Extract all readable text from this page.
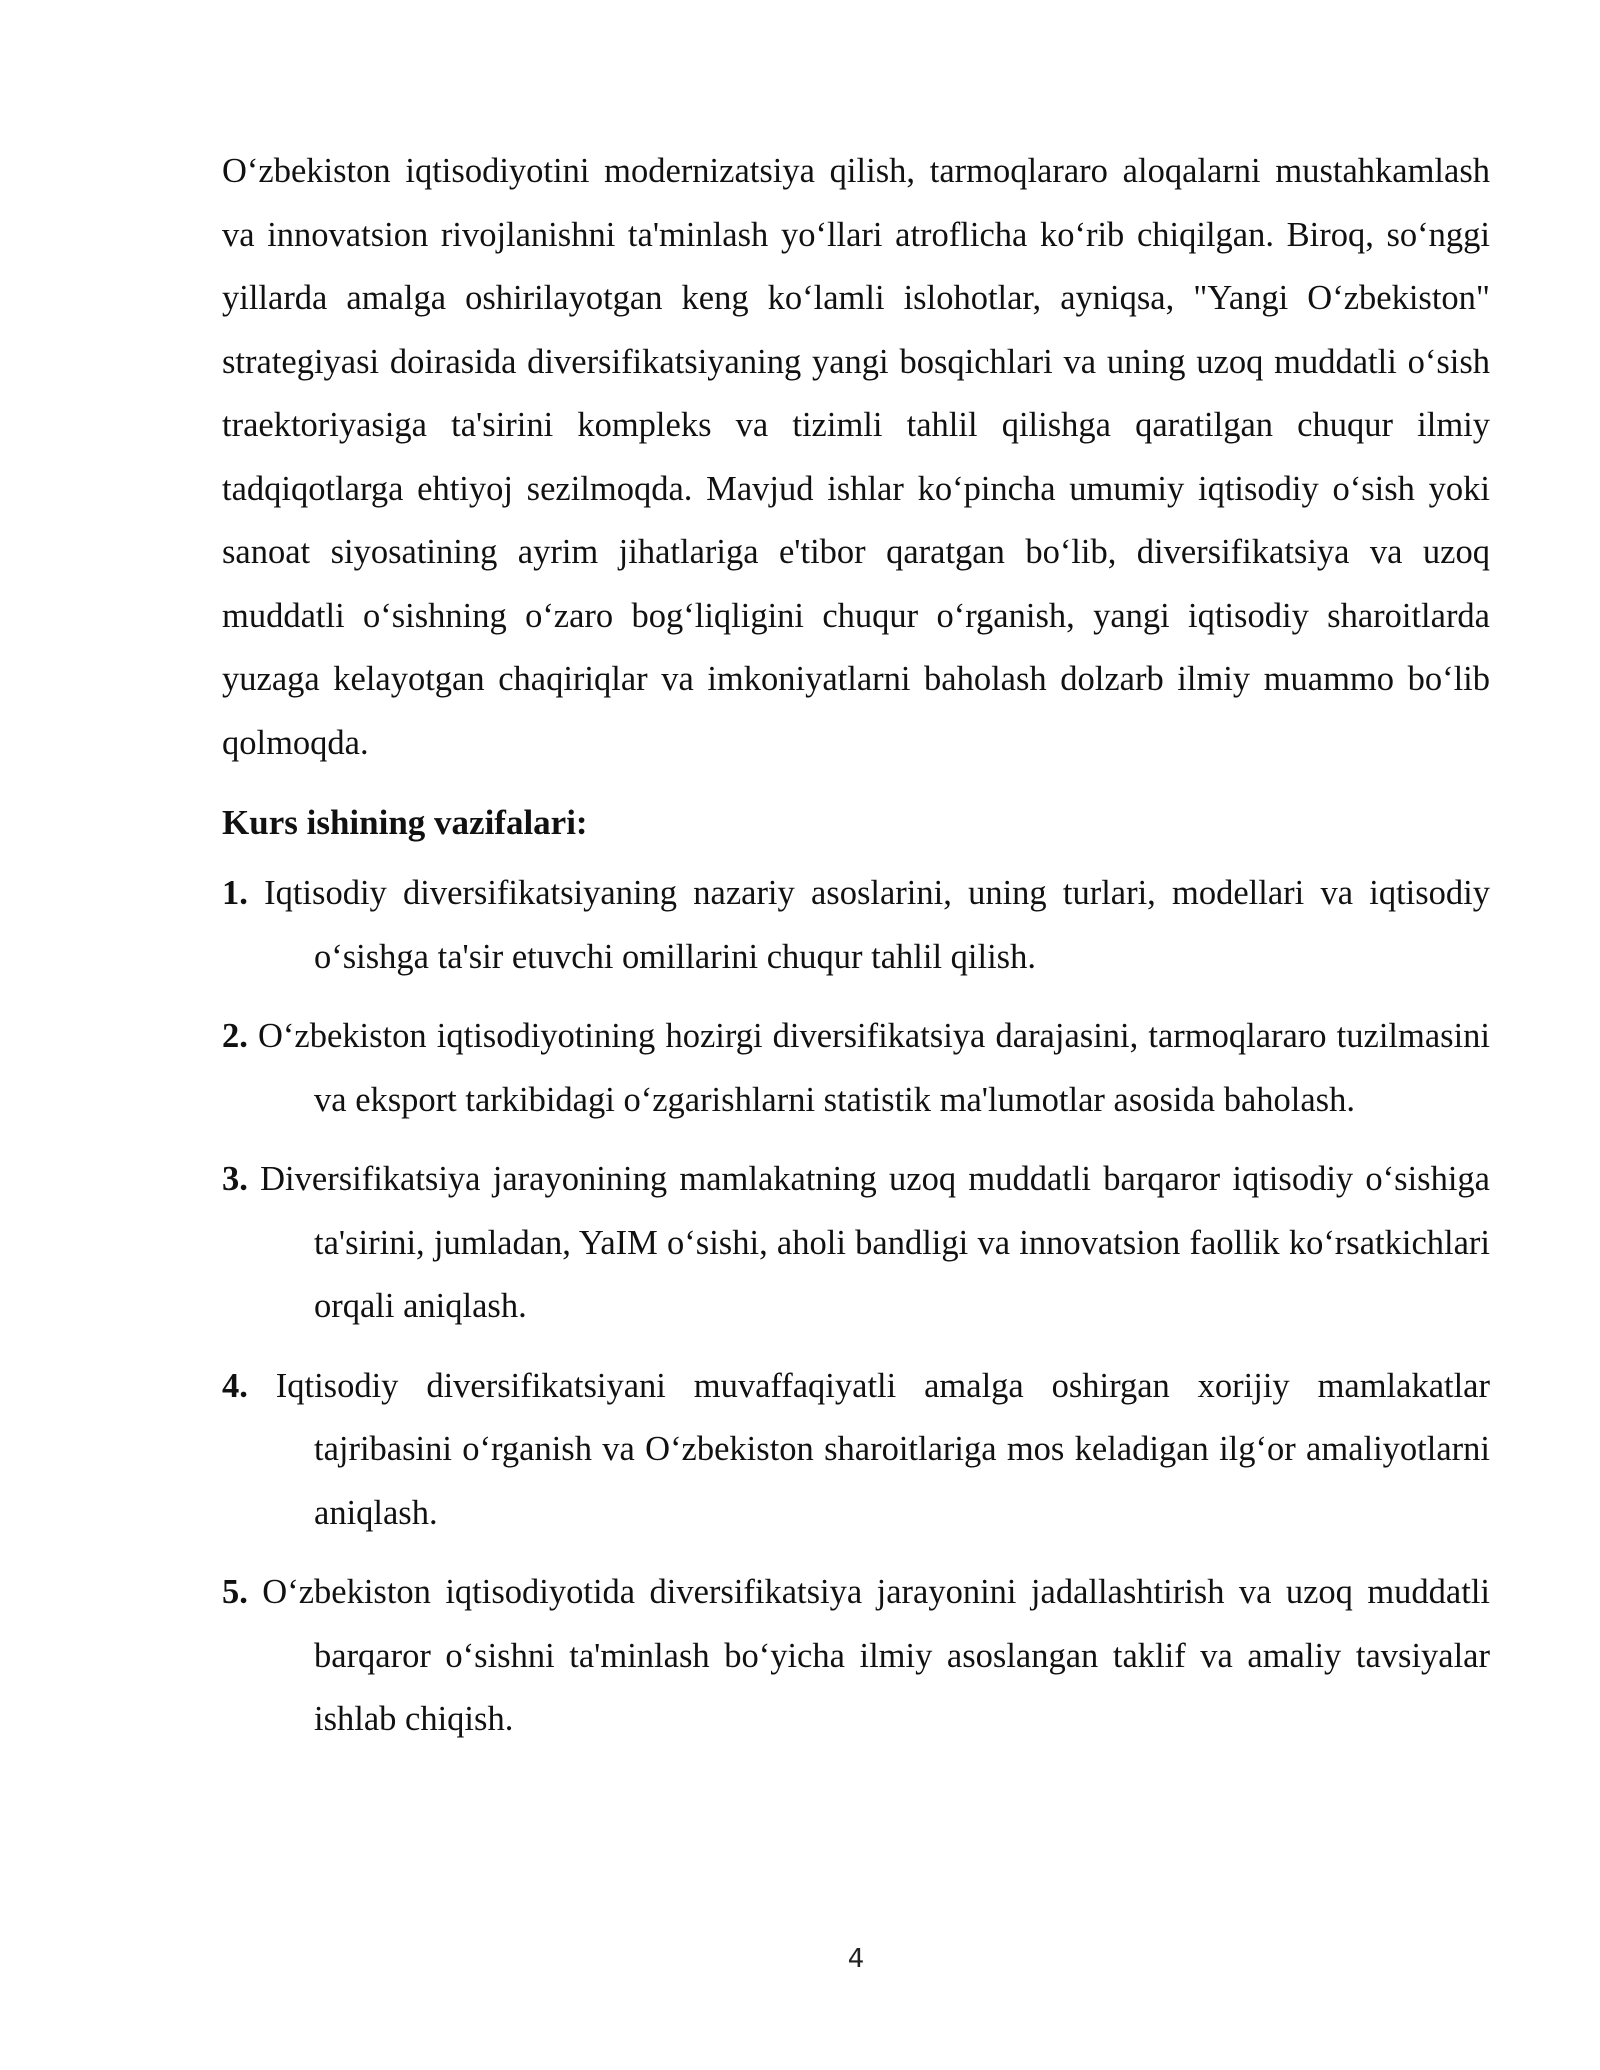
O‘zbekiston iqtisodiyotini modernizatsiya qilish, tarmoqlararo aloqalarni mustahkamlash va innovatsion rivojlanishni ta'minlash yo‘llari atroflicha ko‘rib chiqilgan. Biroq, so‘nggi yillarda amalga oshirilayotgan keng ko‘lamli islohotlar, ayniqsa, "Yangi O‘zbekiston" strategiyasi doirasida diversifikatsiyaning yangi bosqichlari va uning uzoq muddatli o‘sish traektoriyasiga ta'sirini kompleks va tizimli tahlil qilishga qaratilgan chuqur ilmiy tadqiqotlarga ehtiyoj sezilmoqda. Mavjud ishlar ko‘pincha umumiy iqtisodiy o‘sish yoki sanoat siyosatining ayrim jihatlariga e'tibor qaratgan bo‘lib, diversifikatsiya va uzoq muddatli o‘sishning o‘zaro bog‘liqligini chuqur o‘rganish, yangi iqtisodiy sharoitlarda yuzaga kelayotgan chaqiriqlar va imkoniyatlarni baholash dolzarb ilmiy muammo bo‘lib qolmoqda.

Kurs ishining vazifalari:
1. Iqtisodiy diversifikatsiyaning nazariy asoslarini, uning turlari, modellari va iqtisodiy o‘sishga ta'sir etuvchi omillarini chuqur tahlil qilish.
2. O‘zbekiston iqtisodiyotining hozirgi diversifikatsiya darajasini, tarmoqlararo tuzilmasini va eksport tarkibidagi o‘zgarishlarni statistik ma'lumotlar asosida baholash.
3. Diversifikatsiya jarayonining mamlakatning uzoq muddatli barqaror iqtisodiy o‘sishiga ta'sirini, jumladan, YaIM o‘sishi, aholi bandligi va innovatsion faollik ko‘rsatkichlari orqali aniqlash.
4. Iqtisodiy diversifikatsiyani muvaffaqiyatli amalga oshirgan xorijiy mamlakatlar tajribasini o‘rganish va O‘zbekiston sharoitlariga mos keladigan ilg‘or amaliyotlarni aniqlash.
5. O‘zbekiston iqtisodiyotida diversifikatsiya jarayonini jadallashtirish va uzoq muddatli barqaror o‘sishni ta'minlash bo‘yicha ilmiy asoslangan taklif va amaliy tavsiyalar ishlab chiqish.
4
